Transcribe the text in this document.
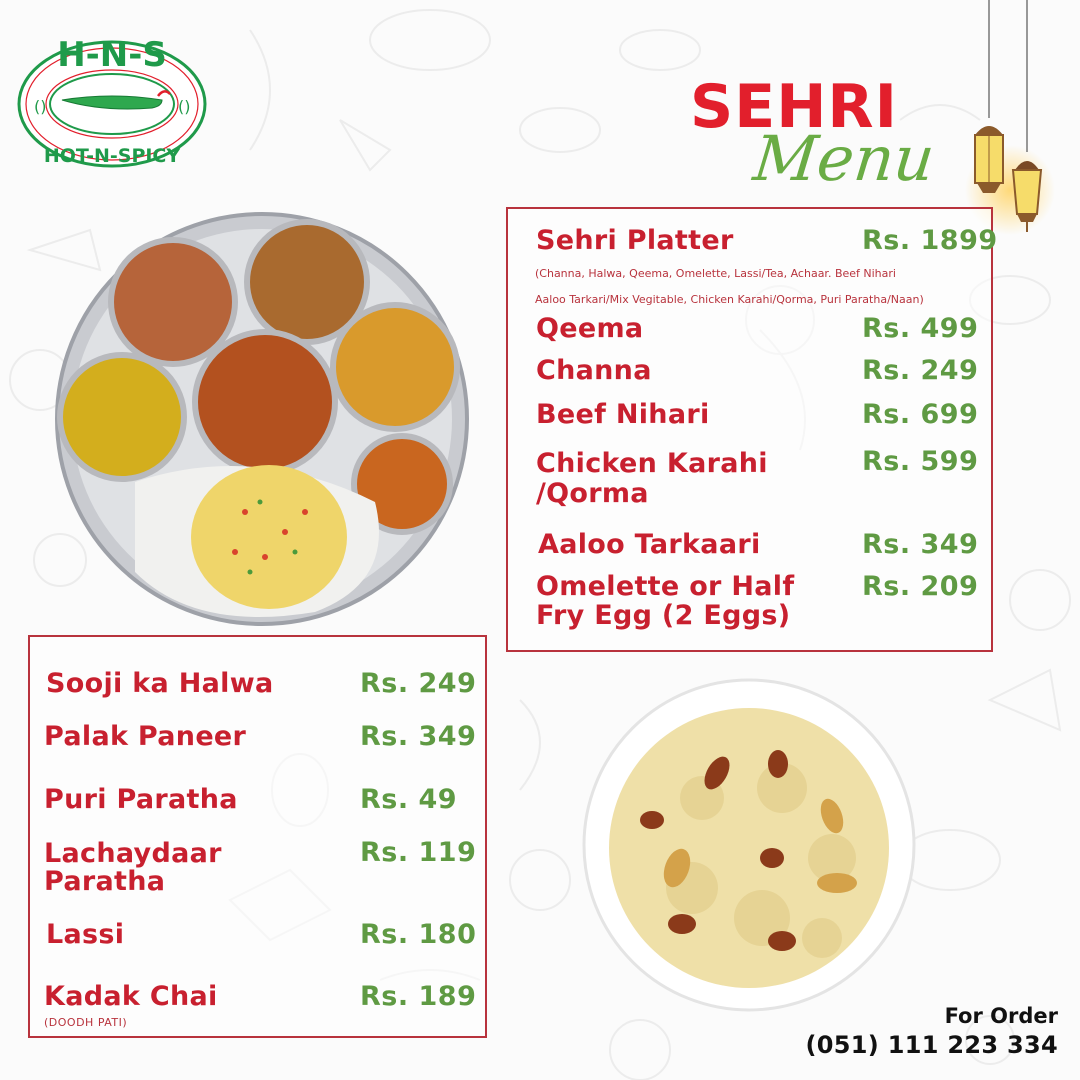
H-N-S
HOT-N-SPICY
()	()	SEHRI
Menu
Sehri Platter	Rs. 1899
(Channa, Halwa, Qeema, Omelette, Lassi/Tea, Achaar. Beef Nihari
Aaloo Tarkari/Mix Vegitable, Chicken Karahi/Qorma, Puri Paratha/Naan)
Qeema	Rs. 499
Channa	Rs. 249
Beef Nihari	Rs. 699
Chicken Karahi
/Qorma
Rs. 599
Aaloo Tarkaari	Rs. 349
Omelette or Half
Fry Egg (2 Eggs)
Rs. 209
Sooji ka Halwa	Rs. 249
Palak Paneer	Rs. 349
Puri Paratha	Rs. 49
Lachaydaar
Paratha
Rs. 119
Lassi	Rs. 180
Kadak Chai	Rs. 189
(DOODH PATI)	For Order
(051) 111 223 334
